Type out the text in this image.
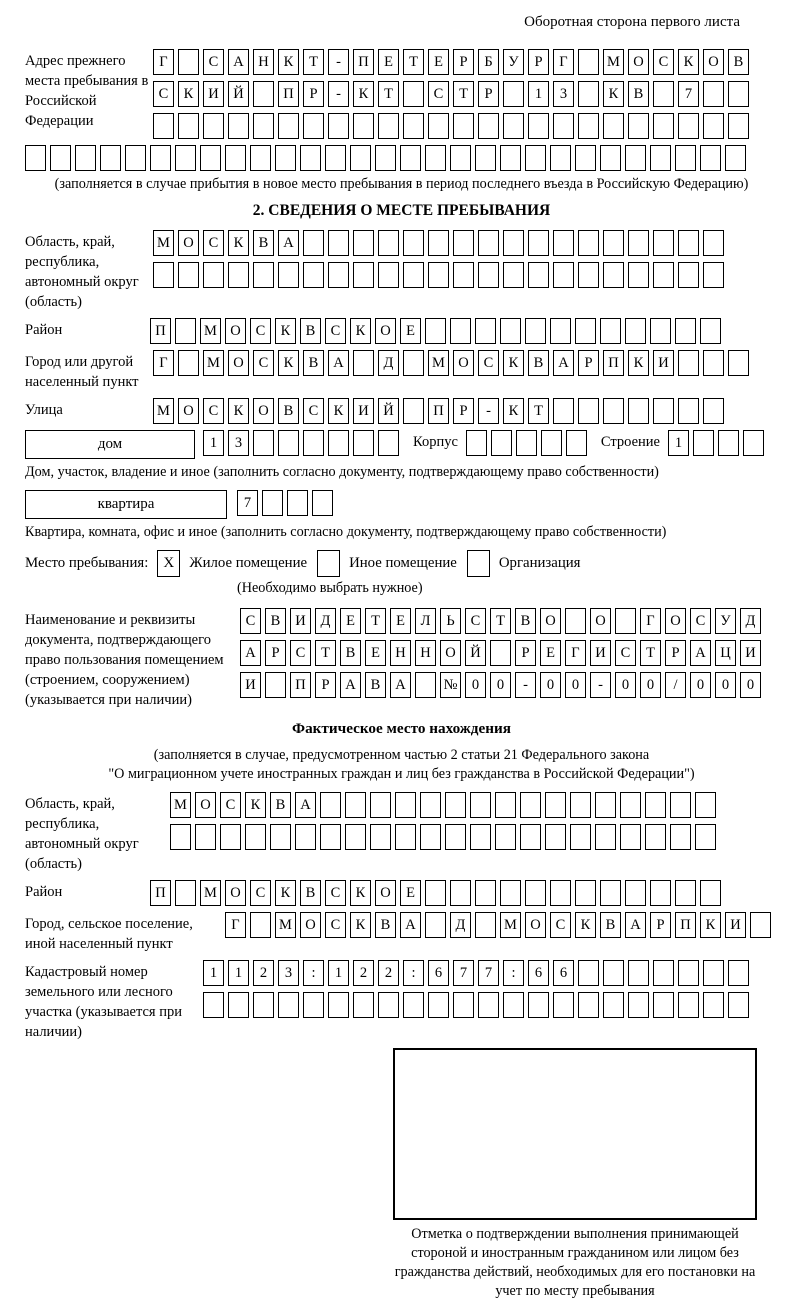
Оборотная сторона первого листа
Адрес прежнего места пребывания в Российской Федерации
Г	С	А	Н	К	Т	-	П	Е	Т	Е	Р	Б	У	Р	Г	М О	С	К	О	В
С	К	И	Й	П	Р	-	К	Т	С	Т	Р	1	3	К	В	7
(заполняется в случае прибытия в новое место пребывания в период последнего въезда в Российскую Федерацию)
2. СВЕДЕНИЯ О МЕСТЕ ПРЕБЫВАНИЯ
Область, край, республика, автономный округ (область)
М О	С	К	В	А
Район	П	М О	С	К	В	С	К	О	Е
Город или другой населенный пункт
Г	М О	С	К	В	А	Д	М О	С	К	В	А	Р	П	К	И
Улица	М О	С	К	О	В	С	К	И	Й	П	Р	-	К	Т
дом	1	3	Корпус	Строение	1
Дом, участок, владение и иное (заполнить согласно документу, подтверждающему право собственности)
квартира	7
Квартира, комната, офис и иное (заполнить согласно документу, подтверждающему право собственности)
Место пребывания:	X	Жилое помещение	Иное помещение	Организация
(Необходимо выбрать нужное)
Наименование и реквизиты документа, подтверждающего право пользования помещением (строением, сооружением) (указывается при наличии)
С	В	И	Д	Е	Т	Е	Л	Ь	С	Т	В	О	О	Г	О	С	У	Д
А	Р	С	Т	В	Е	Н	Н	О	Й	Р	Е	Г	И	С	Т	Р	А	Ц	И
И	П	Р	А	В	А	№ 0	0	-	0	0	-	0	0	/	0	0	0
Фактическое место нахождения
(заполняется в случае, предусмотренном частью 2 статьи 21 Федерального закона
"О миграционном учете иностранных граждан и лиц без гражданства в Российской Федерации")
Область, край, республика, автономный округ (область)
М О	С	К	В	А
Район	П	М О	С	К	В	С	К	О	Е
Город, сельское поселение, иной населенный пункт
Г	М О	С	К	В	А	Д	М О	С	К	В	А	Р	П	К	И
Кадастровый номер земельного или лесного участка (указывается при наличии)
1	1	2	3	:	1	2	2	:	6	7	7	:	6	6
Отметка о подтверждении выполнения принимающей стороной и иностранным гражданином или лицом без гражданства действий, необходимых для его постановки на учет по месту пребывания
